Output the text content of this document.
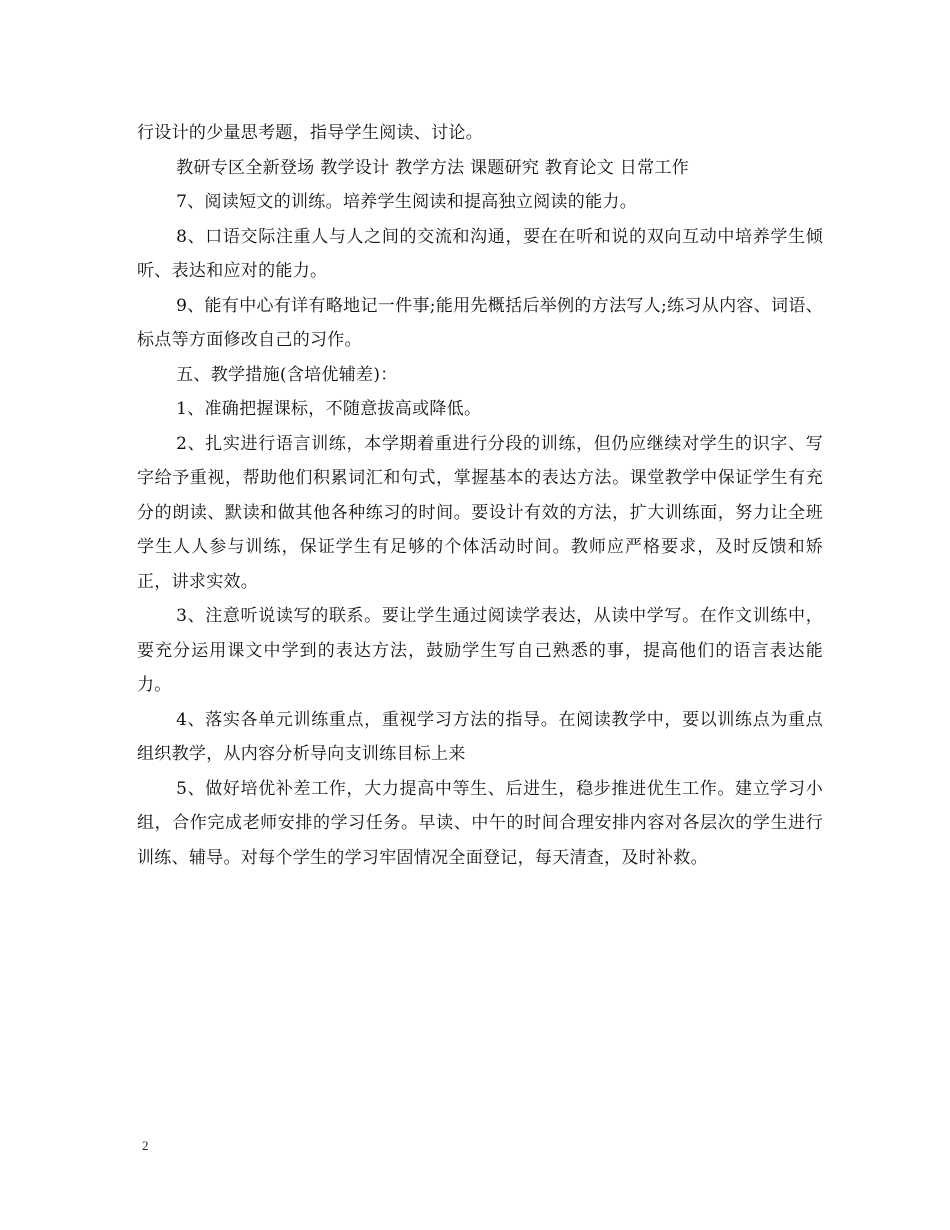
行设计的少量思考题，指导学生阅读、讨论。

教研专区全新登场 教学设计 教学方法 课题研究 教育论文 日常工作

7、阅读短文的训练。培养学生阅读和提高独立阅读的能力。

8、口语交际注重人与人之间的交流和沟通，要在在听和说的双向互动中培养学生倾听、表达和应对的能力。

9、能有中心有详有略地记一件事;能用先概括后举例的方法写人;练习从内容、词语、标点等方面修改自己的习作。

五、教学措施(含培优辅差)：

1、准确把握课标，不随意拔高或降低。

2、扎实进行语言训练，本学期着重进行分段的训练，但仍应继续对学生的识字、写字给予重视，帮助他们积累词汇和句式，掌握基本的表达方法。课堂教学中保证学生有充分的朗读、默读和做其他各种练习的时间。要设计有效的方法，扩大训练面，努力让全班学生人人参与训练，保证学生有足够的个体活动时间。教师应严格要求，及时反馈和矫正，讲求实效。

3、注意听说读写的联系。要让学生通过阅读学表达，从读中学写。在作文训练中，要充分运用课文中学到的表达方法，鼓励学生写自己熟悉的事，提高他们的语言表达能力。

4、落实各单元训练重点，重视学习方法的指导。在阅读教学中，要以训练点为重点组织教学，从内容分析导向支训练目标上来

5、做好培优补差工作，大力提高中等生、后进生，稳步推进优生工作。建立学习小组，合作完成老师安排的学习任务。早读、中午的时间合理安排内容对各层次的学生进行训练、辅导。对每个学生的学习牢固情况全面登记，每天清查，及时补救。

2
